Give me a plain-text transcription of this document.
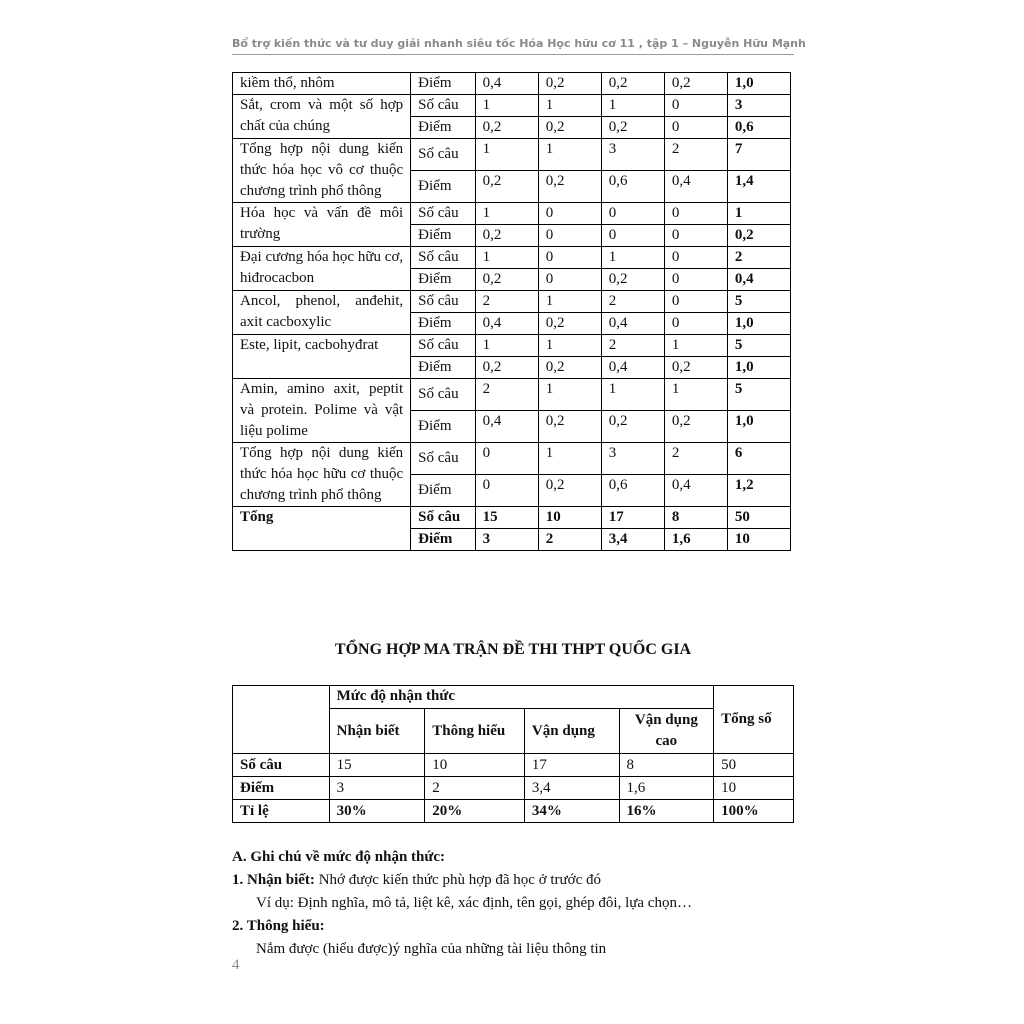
Bổ trợ kiến thức và tư duy giải nhanh siêu tốc Hóa Học hữu cơ 11 , tập 1 – Nguyễn Hữu Mạnh
kiềm thổ, nhôm	Điểm	0,4	0,2	0,2	0,2	1,0
Sắt, crom và một số hợp chất của chúng	Số câu	1	1	1	0	3
	Điểm	0,2	0,2	0,2	0	0,6
Tổng hợp nội dung kiến thức hóa học vô cơ thuộc chương trình phổ thông	Số câu	1	1	3	2	7
	Điểm	0,2	0,2	0,6	0,4	1,4
Hóa học và vấn đề môi trường	Số câu	1	0	0	0	1
	Điểm	0,2	0	0	0	0,2
Đại cương hóa học hữu cơ, hiđrocacbon	Số câu	1	0	1	0	2
	Điểm	0,2	0	0,2	0	0,4
Ancol, phenol, anđehit, axit cacboxylic	Số câu	2	1	2	0	5
	Điểm	0,4	0,2	0,4	0	1,0
Este, lipit, cacbohyđrat	Số câu	1	1	2	1	5
	Điểm	0,2	0,2	0,4	0,2	1,0
Amin, amino axit, peptit và protein. Polime và vật liệu polime	Số câu	2	1	1	1	5
	Điểm	0,4	0,2	0,2	0,2	1,0
Tổng hợp nội dung kiến thức hóa học hữu cơ thuộc chương trình phổ thông	Số câu	0	1	3	2	6
	Điểm	0	0,2	0,6	0,4	1,2
Tổng	Số câu	15	10	17	8	50
	Điểm	3	2	3,4	1,6	10
TỔNG HỢP MA TRẬN ĐỀ THI THPT QUỐC GIA
	Mức độ nhận thức				Tổng số
	Nhận biết	Thông hiểu	Vận dụng	Vận dụng cao	
Số câu	15	10	17	8	50
Điểm	3	2	3,4	1,6	10
Tỉ lệ	30%	20%	34%	16%	100%
A. Ghi chú về mức độ nhận thức:
1. Nhận biết: Nhớ được kiến thức phù hợp đã học ở trước đó
Ví dụ: Định nghĩa, mô tả, liệt kê, xác định, tên gọi, ghép đôi, lựa chọn…
2. Thông hiểu:
Nắm được (hiểu được)ý nghĩa của những tài liệu thông tin
4
